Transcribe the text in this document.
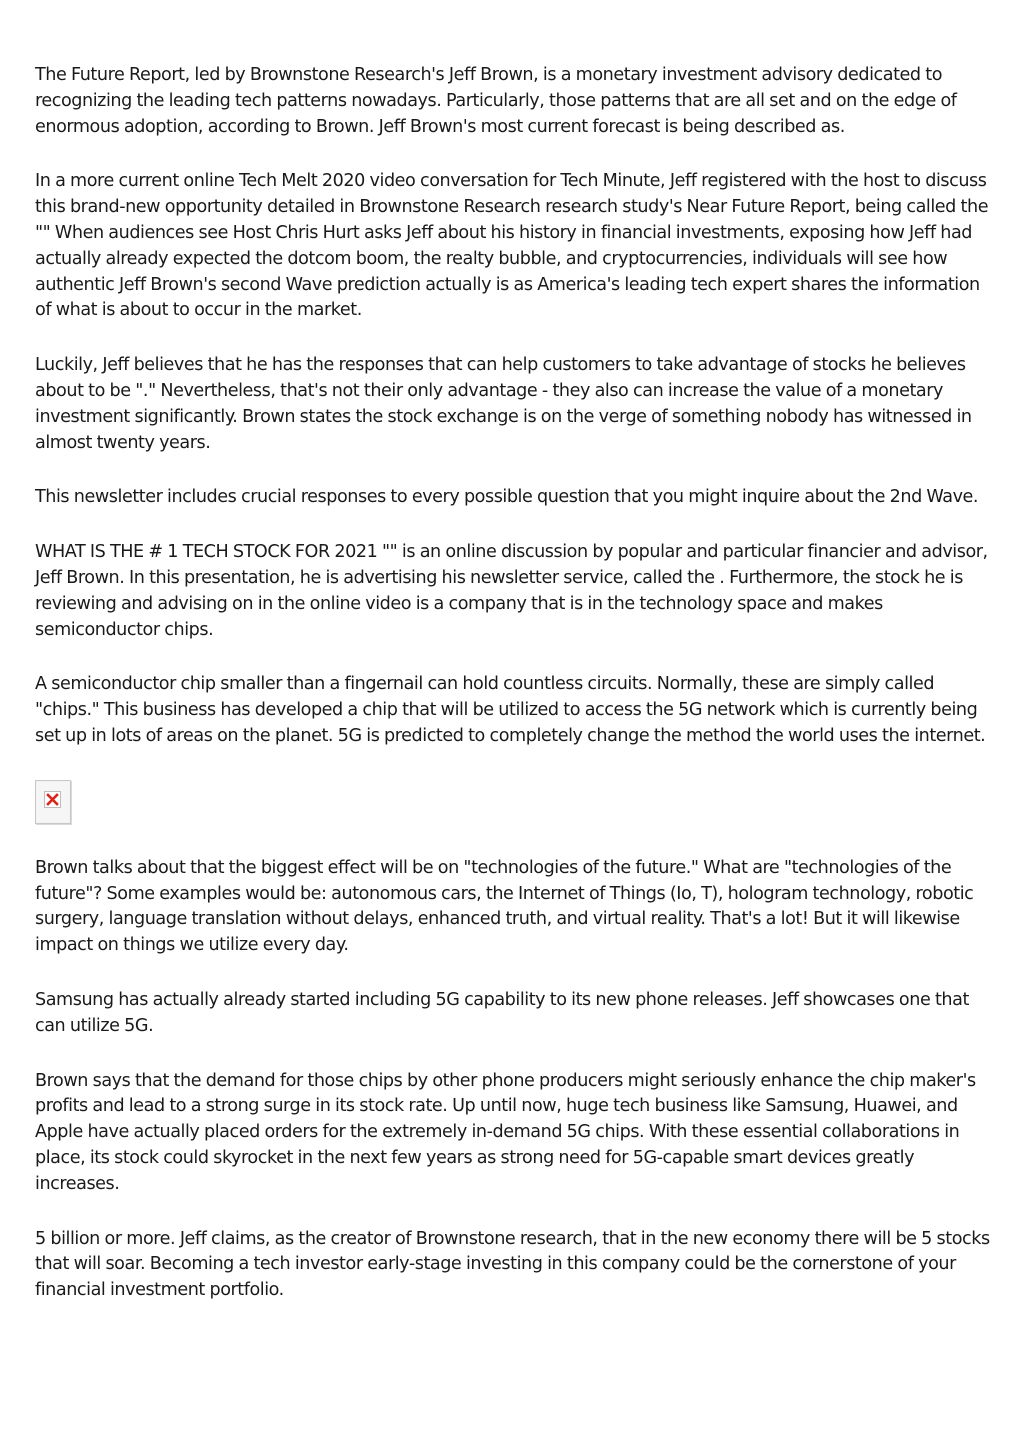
The Future Report, led by Brownstone Research's Jeff Brown, is a monetary investment advisory dedicated to recognizing the leading tech patterns nowadays. Particularly, those patterns that are all set and on the edge of enormous adoption, according to Brown. Jeff Brown's most current forecast is being described as.

In a more current online Tech Melt 2020 video conversation for Tech Minute, Jeff registered with the host to discuss this brand-new opportunity detailed in Brownstone Research research study's Near Future Report, being called the "" When audiences see Host Chris Hurt asks Jeff about his history in financial investments, exposing how Jeff had actually already expected the dotcom boom, the realty bubble, and cryptocurrencies, individuals will see how authentic Jeff Brown's second Wave prediction actually is as America's leading tech expert shares the information of what is about to occur in the market.

Luckily, Jeff believes that he has the responses that can help customers to take advantage of stocks he believes about to be "." Nevertheless, that's not their only advantage - they also can increase the value of a monetary investment significantly. Brown states the stock exchange is on the verge of something nobody has witnessed in almost twenty years.

This newsletter includes crucial responses to every possible question that you might inquire about the 2nd Wave.

WHAT IS THE # 1 TECH STOCK FOR 2021 "" is an online discussion by popular and particular financier and advisor, Jeff Brown. In this presentation, he is advertising his newsletter service, called the . Furthermore, the stock he is reviewing and advising on in the online video is a company that is in the technology space and makes semiconductor chips.

A semiconductor chip smaller than a fingernail can hold countless circuits. Normally, these are simply called "chips." This business has developed a chip that will be utilized to access the 5G network which is currently being set up in lots of areas on the planet. 5G is predicted to completely change the method the world uses the internet.

Brown talks about that the biggest effect will be on "technologies of the future." What are "technologies of the future"? Some examples would be: autonomous cars, the Internet of Things (Io, T), hologram technology, robotic surgery, language translation without delays, enhanced truth, and virtual reality. That's a lot! But it will likewise impact on things we utilize every day.

Samsung has actually already started including 5G capability to its new phone releases. Jeff showcases one that can utilize 5G.

Brown says that the demand for those chips by other phone producers might seriously enhance the chip maker's profits and lead to a strong surge in its stock rate. Up until now, huge tech business like Samsung, Huawei, and Apple have actually placed orders for the extremely in-demand 5G chips. With these essential collaborations in place, its stock could skyrocket in the next few years as strong need for 5G-capable smart devices greatly increases.

5 billion or more. Jeff claims, as the creator of Brownstone research, that in the new economy there will be 5 stocks that will soar. Becoming a tech investor early-stage investing in this company could be the cornerstone of your financial investment portfolio.
